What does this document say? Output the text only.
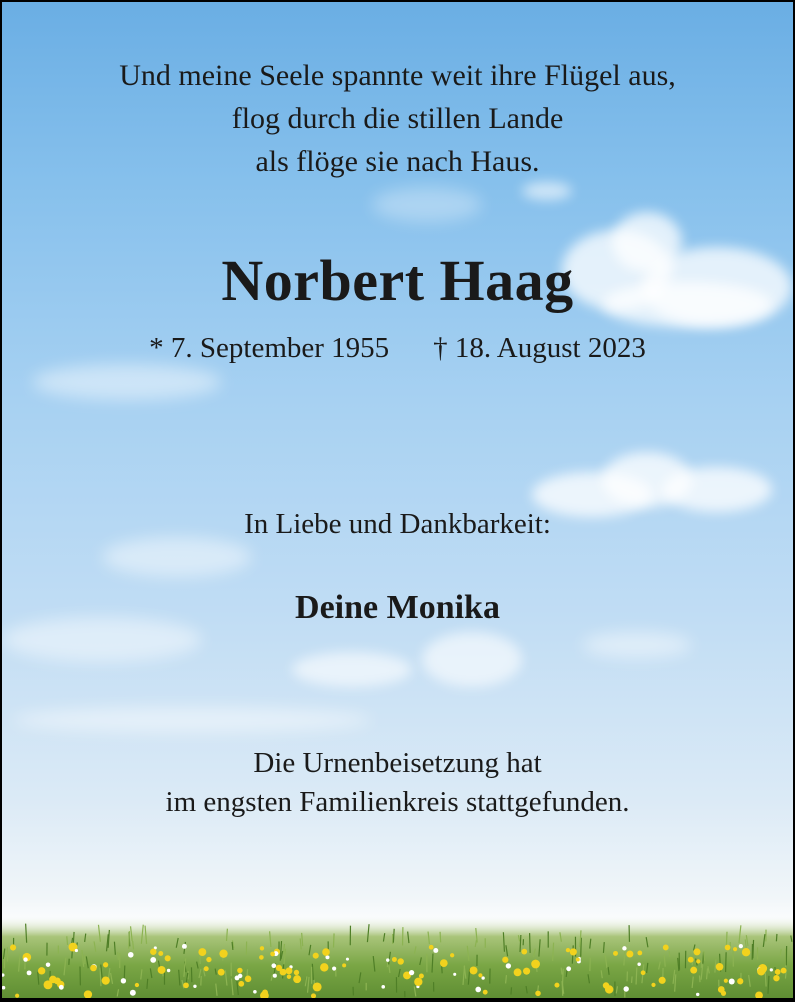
Und meine Seele spannte weit ihre Flügel aus,
flog durch die stillen Lande
als flöge sie nach Haus.
Norbert Haag
* 7. September 1955 † 18. August 2023
In Liebe und Dankbarkeit:
Deine Monika
Die Urnenbeisetzung hat
im engsten Familienkreis stattgefunden.
